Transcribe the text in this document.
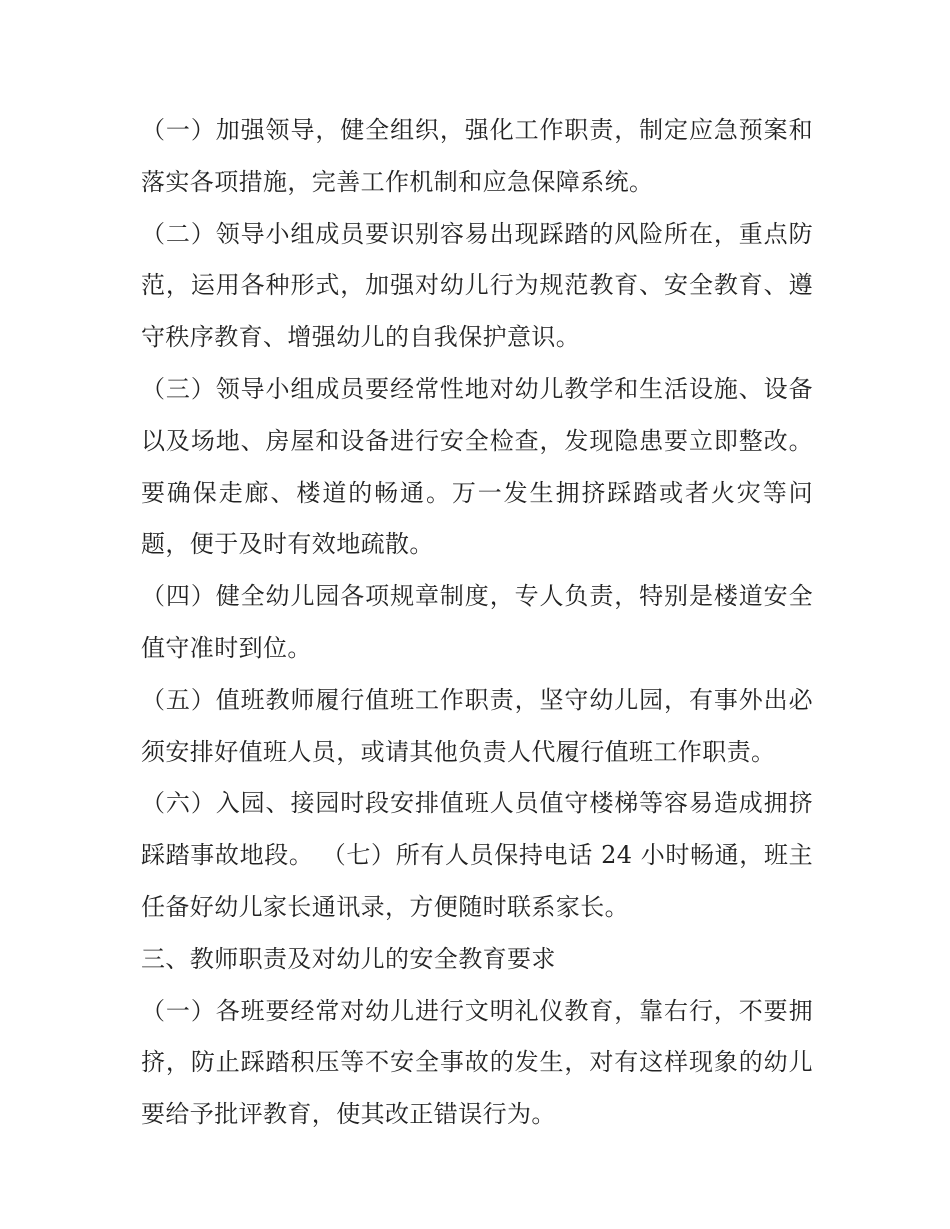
（一）加强领导，健全组织，强化工作职责，制定应急预案和
落实各项措施，完善工作机制和应急保障系统。

（二）领导小组成员要识别容易出现踩踏的风险所在，重点防
范，运用各种形式，加强对幼儿行为规范教育、安全教育、遵
守秩序教育、增强幼儿的自我保护意识。

（三）领导小组成员要经常性地对幼儿教学和生活设施、设备
以及场地、房屋和设备进行安全检查，发现隐患要立即整改。
要确保走廊、楼道的畅通。万一发生拥挤踩踏或者火灾等问
题，便于及时有效地疏散。

（四）健全幼儿园各项规章制度，专人负责，特别是楼道安全
值守准时到位。

（五）值班教师履行值班工作职责，坚守幼儿园，有事外出必
须安排好值班人员，或请其他负责人代履行值班工作职责。

（六）入园、接园时段安排值班人员值守楼梯等容易造成拥挤
踩踏事故地段。 （七）所有人员保持电话 24 小时畅通，班主
任备好幼儿家长通讯录，方便随时联系家长。

三、教师职责及对幼儿的安全教育要求

（一）各班要经常对幼儿进行文明礼仪教育，靠右行，不要拥
挤，防止踩踏积压等不安全事故的发生，对有这样现象的幼儿
要给予批评教育，使其改正错误行为。
